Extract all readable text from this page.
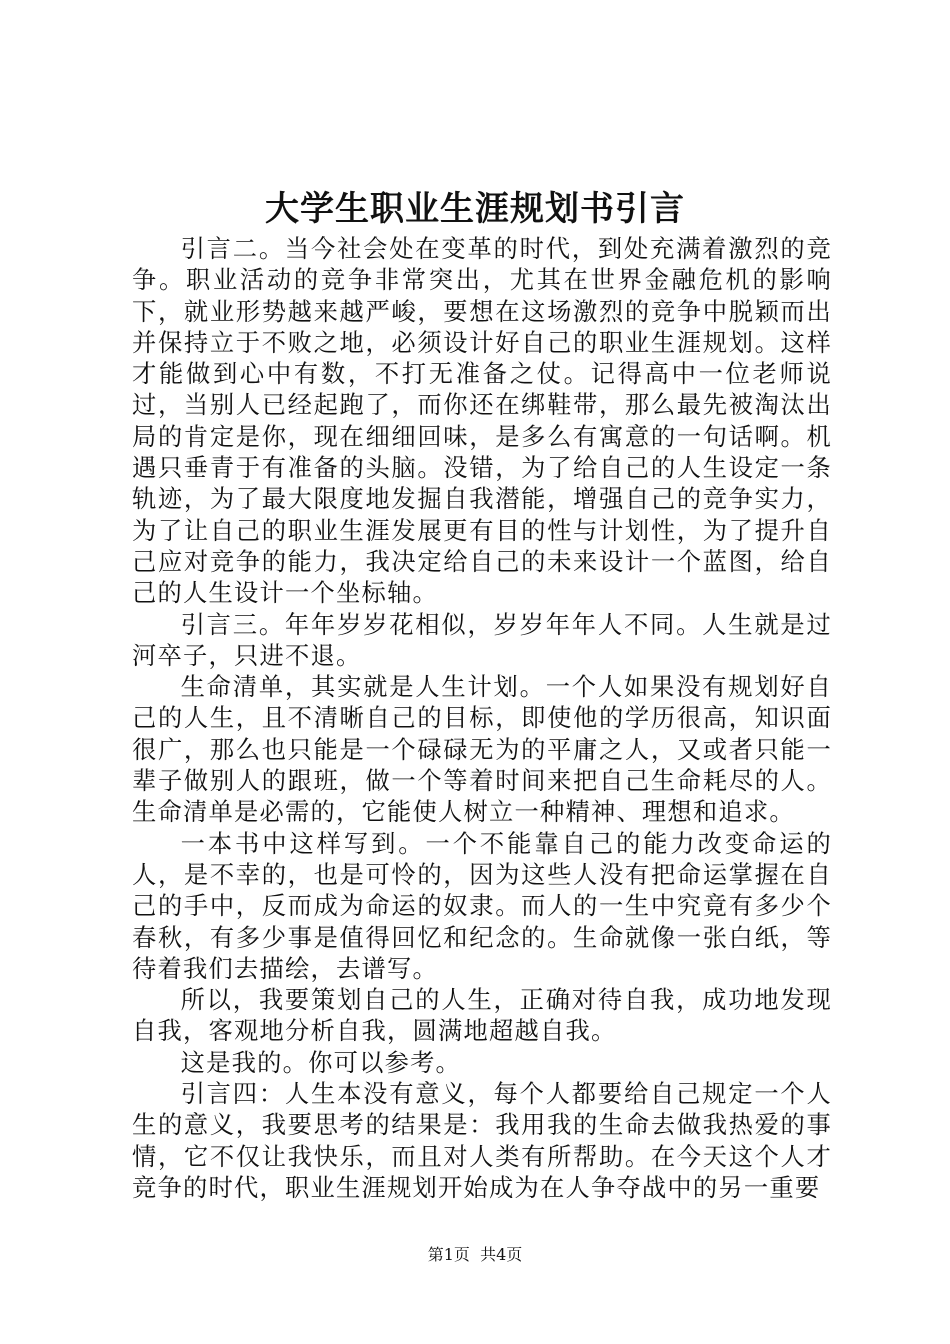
大学生职业生涯规划书引言

引言二。当今社会处在变革的时代，到处充满着激烈的竞争。职业活动的竞争非常突出，尤其在世界金融危机的影响下，就业形势越来越严峻，要想在这场激烈的竞争中脱颖而出并保持立于不败之地，必须设计好自己的职业生涯规划。这样才能做到心中有数，不打无准备之仗。记得高中一位老师说过，当别人已经起跑了，而你还在绑鞋带，那么最先被淘汰出局的肯定是你，现在细细回味，是多么有寓意的一句话啊。机遇只垂青于有准备的头脑。没错，为了给自己的人生设定一条轨迹，为了最大限度地发掘自我潜能，增强自己的竞争实力，为了让自己的职业生涯发展更有目的性与计划性，为了提升自己应对竞争的能力，我决定给自己的未来设计一个蓝图，给自己的人生设计一个坐标轴。

引言三。年年岁岁花相似，岁岁年年人不同。人生就是过河卒子，只进不退。

生命清单，其实就是人生计划。一个人如果没有规划好自己的人生，且不清晰自己的目标，即使他的学历很高，知识面很广，那么也只能是一个碌碌无为的平庸之人，又或者只能一辈子做别人的跟班，做一个等着时间来把自己生命耗尽的人。生命清单是必需的，它能使人树立一种精神、理想和追求。

一本书中这样写到。一个不能靠自己的能力改变命运的人，是不幸的，也是可怜的，因为这些人没有把命运掌握在自己的手中，反而成为命运的奴隶。而人的一生中究竟有多少个春秋，有多少事是值得回忆和纪念的。生命就像一张白纸，等待着我们去描绘，去谱写。

所以，我要策划自己的人生，正确对待自我，成功地发现自我，客观地分析自我，圆满地超越自我。

这是我的。你可以参考。

引言四：人生本没有意义，每个人都要给自己规定一个人生的意义，我要思考的结果是：我用我的生命去做我热爱的事情，它不仅让我快乐，而且对人类有所帮助。在今天这个人才竞争的时代，职业生涯规划开始成为在人争夺战中的另一重要

第1页 共4页
